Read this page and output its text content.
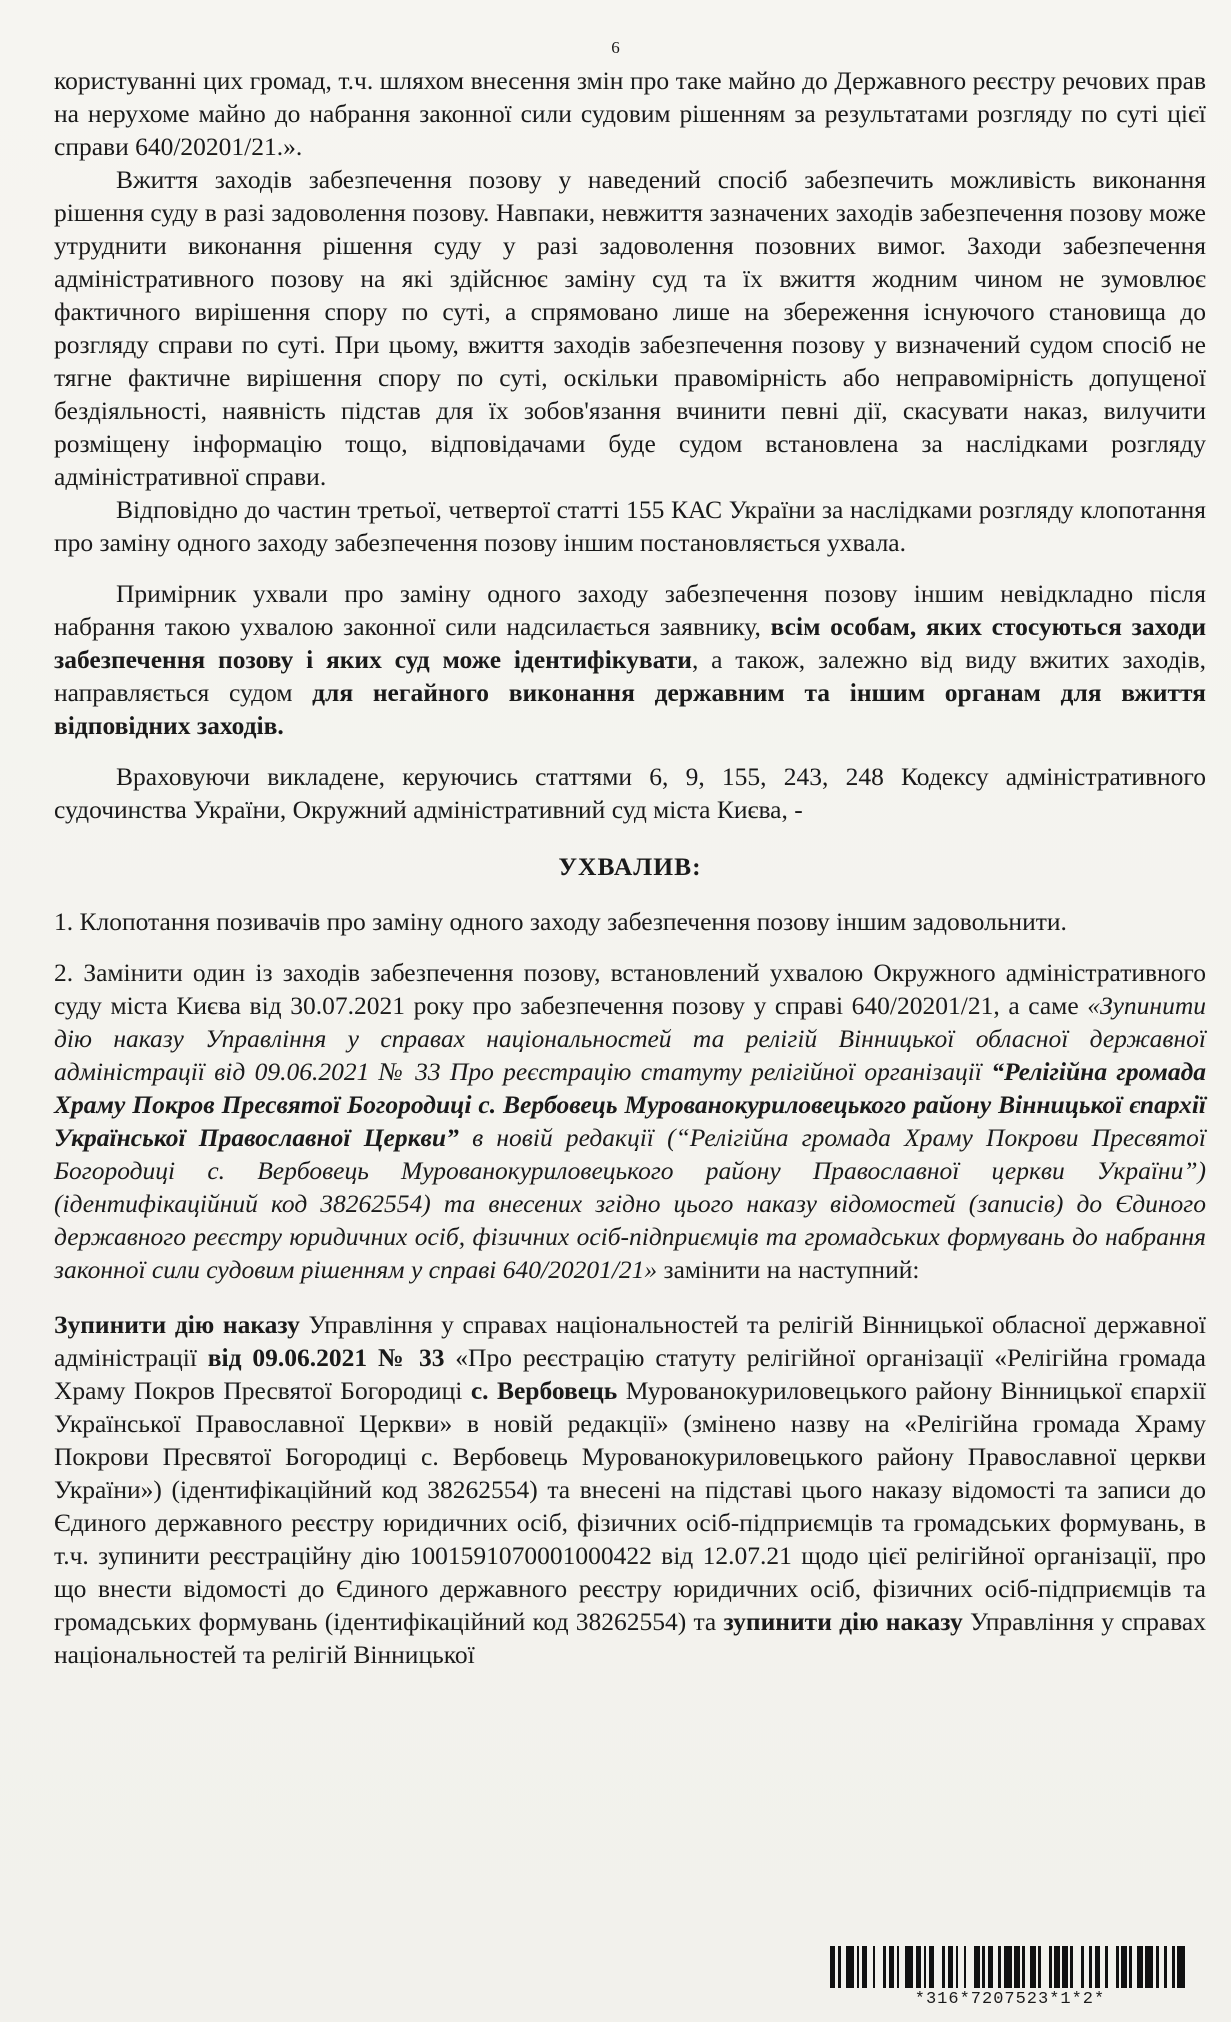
6

користуванні цих громад, т.ч. шляхом внесення змін про таке майно до Державного реєстру речових прав на нерухоме майно до набрання законної сили судовим рішенням за результатами розгляду по суті цієї справи 640/20201/21.».

Вжиття заходів забезпечення позову у наведений спосіб забезпечить можливість виконання рішення суду в разі задоволення позову. Навпаки, невжиття зазначених заходів забезпечення позову може утруднити виконання рішення суду у разі задоволення позовних вимог. Заходи забезпечення адміністративного позову на які здійснює заміну суд та їх вжиття жодним чином не зумовлює фактичного вирішення спору по суті, а спрямовано лише на збереження існуючого становища до розгляду справи по суті. При цьому, вжиття заходів забезпечення позову у визначений судом спосіб не тягне фактичне вирішення спору по суті, оскільки правомірність або неправомірність допущеної бездіяльності, наявність підстав для їх зобов'язання вчинити певні дії, скасувати наказ, вилучити розміщену інформацію тощо, відповідачами буде судом встановлена за наслідками розгляду адміністративної справи.

Відповідно до частин третьої, четвертої статті 155 КАС України за наслідками розгляду клопотання про заміну одного заходу забезпечення позову іншим постановляється ухвала.

Примірник ухвали про заміну одного заходу забезпечення позову іншим невідкладно після набрання такою ухвалою законної сили надсилається заявнику, всім особам, яких стосуються заходи забезпечення позову і яких суд може ідентифікувати, а також, залежно від виду вжитих заходів, направляється судом для негайного виконання державним та іншим органам для вжиття відповідних заходів.

Враховуючи викладене, керуючись статтями 6, 9, 155, 243, 248 Кодексу адміністративного судочинства України, Окружний адміністративний суд міста Києва, -

УХВАЛИВ:

1. Клопотання позивачів про заміну одного заходу забезпечення позову іншим задовольнити.

2. Замінити один із заходів забезпечення позову, встановлений ухвалою Окружного адміністративного суду міста Києва від 30.07.2021 року про забезпечення позову у справі 640/20201/21, а саме «Зупинити дію наказу Управління у справах національностей та релігій Вінницької обласної державної адміністрації від 09.06.2021 № 33 Про реєстрацію статуту релігійної організації “Релігійна громада Храму Покров Пресвятої Богородиці с. Вербовець Мурованокуриловецького району Вінницької єпархії Української Православної Церкви” в новій редакції (“Релігійна громада Храму Покрови Пресвятої Богородиці с. Вербовець Мурованокуриловецького району Православної церкви України”) (ідентифікаційний код 38262554) та внесених згідно цього наказу відомостей (записів) до Єдиного державного реєстру юридичних осіб, фізичних осіб-підприємців та громадських формувань до набрання законної сили судовим рішенням у справі 640/20201/21» замінити на наступний:

Зупинити дію наказу Управління у справах національностей та релігій Вінницької обласної державної адміністрації від 09.06.2021 № 33 «Про реєстрацію статуту релігійної організації «Релігійна громада Храму Покров Пресвятої Богородиці с. Вербовець Мурованокуриловецького району Вінницької єпархії Української Православної Церкви» в новій редакції» (змінено назву на «Релігійна громада Храму Покрови Пресвятої Богородиці с. Вербовець Мурованокуриловецького району Православної церкви України») (ідентифікаційний код 38262554) та внесені на підставі цього наказу відомості та записи до Єдиного державного реєстру юридичних осіб, фізичних осіб-підприємців та громадських формувань, в т.ч. зупинити реєстраційну дію 1001591070001000422 від 12.07.21 щодо цієї релігійної організації, про що внести відомості до Єдиного державного реєстру юридичних осіб, фізичних осіб-підприємців та громадських формувань (ідентифікаційний код 38262554) та зупинити дію наказу Управління у справах національностей та релігій Вінницької

*316*7207523*1*2*
